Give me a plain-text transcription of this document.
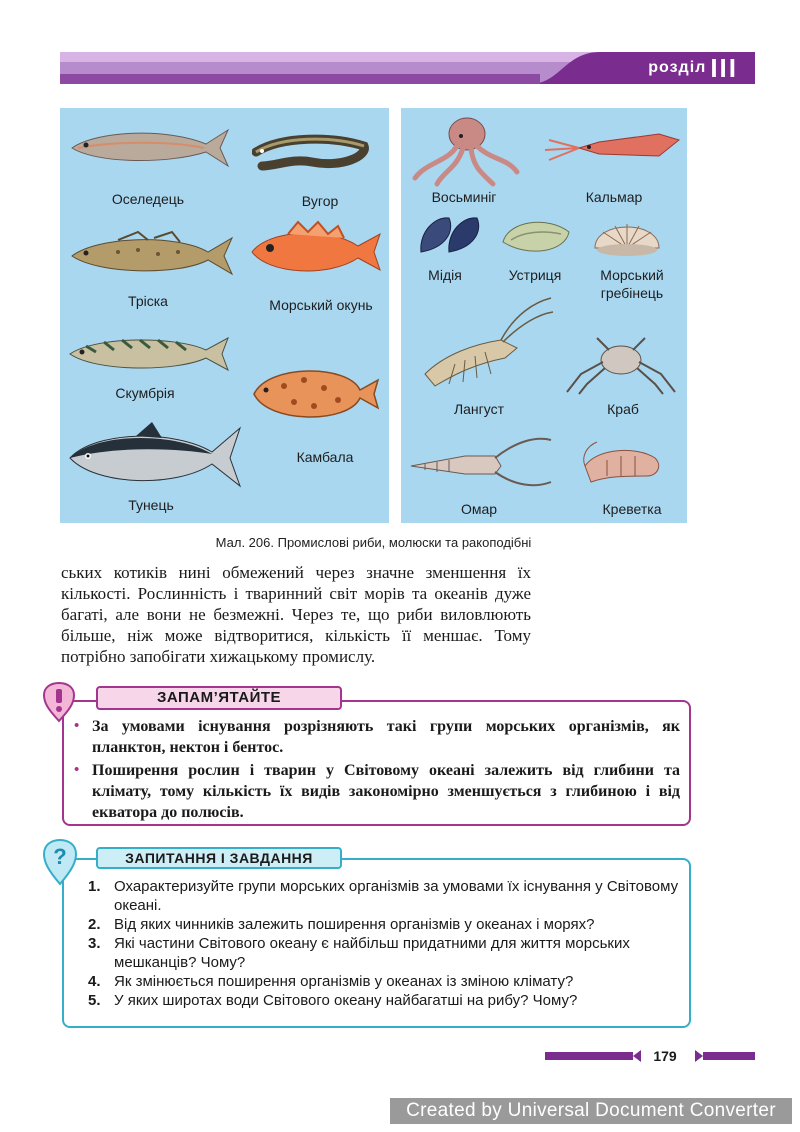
розділ III
Оселедець	Вугор
Тріска	Морський окунь
Скумбрія
Камбала
Тунець
Восьминіг	Кальмар
Мідія	Устриця	Морський гребінець
Лангуст	Краб
Омар	Креветка
Мал. 206. Промислові риби, молюски та ракоподібні
ських котиків нині обмежений через значне зменшення їх кількості. Рослинність і тваринний світ морів та океанів дуже багаті, але вони не безмежні. Через те, що риби виловлюють більше, ніж може відтворитися, кількість її меншає. Тому потрібно запобігати хижацькому промислу.
ЗАПАМ’ЯТАЙТЕ
• За умовами існування розрізняють такі групи морських організмів, як планктон, нектон і бентос.
• Поширення рослин і тварин у Світовому океані залежить від глибини та клімату, тому кількість їх видів закономірно зменшується з глибиною і від екватора до полюсів.
?	ЗАПИТАННЯ І ЗАВДАННЯ
1. Охарактеризуйте групи морських організмів за умовами їх існування у Світовому океані.
2. Від яких чинників залежить поширення організмів у океанах і морях?
3. Які частини Світового океану є найбільш придатними для життя морських мешканців? Чому?
4. Як змінюється поширення організмів у океанах із зміною клімату?
5. У яких широтах води Світового океану найбагатші на рибу? Чому?
179
Created by Universal Document Converter
